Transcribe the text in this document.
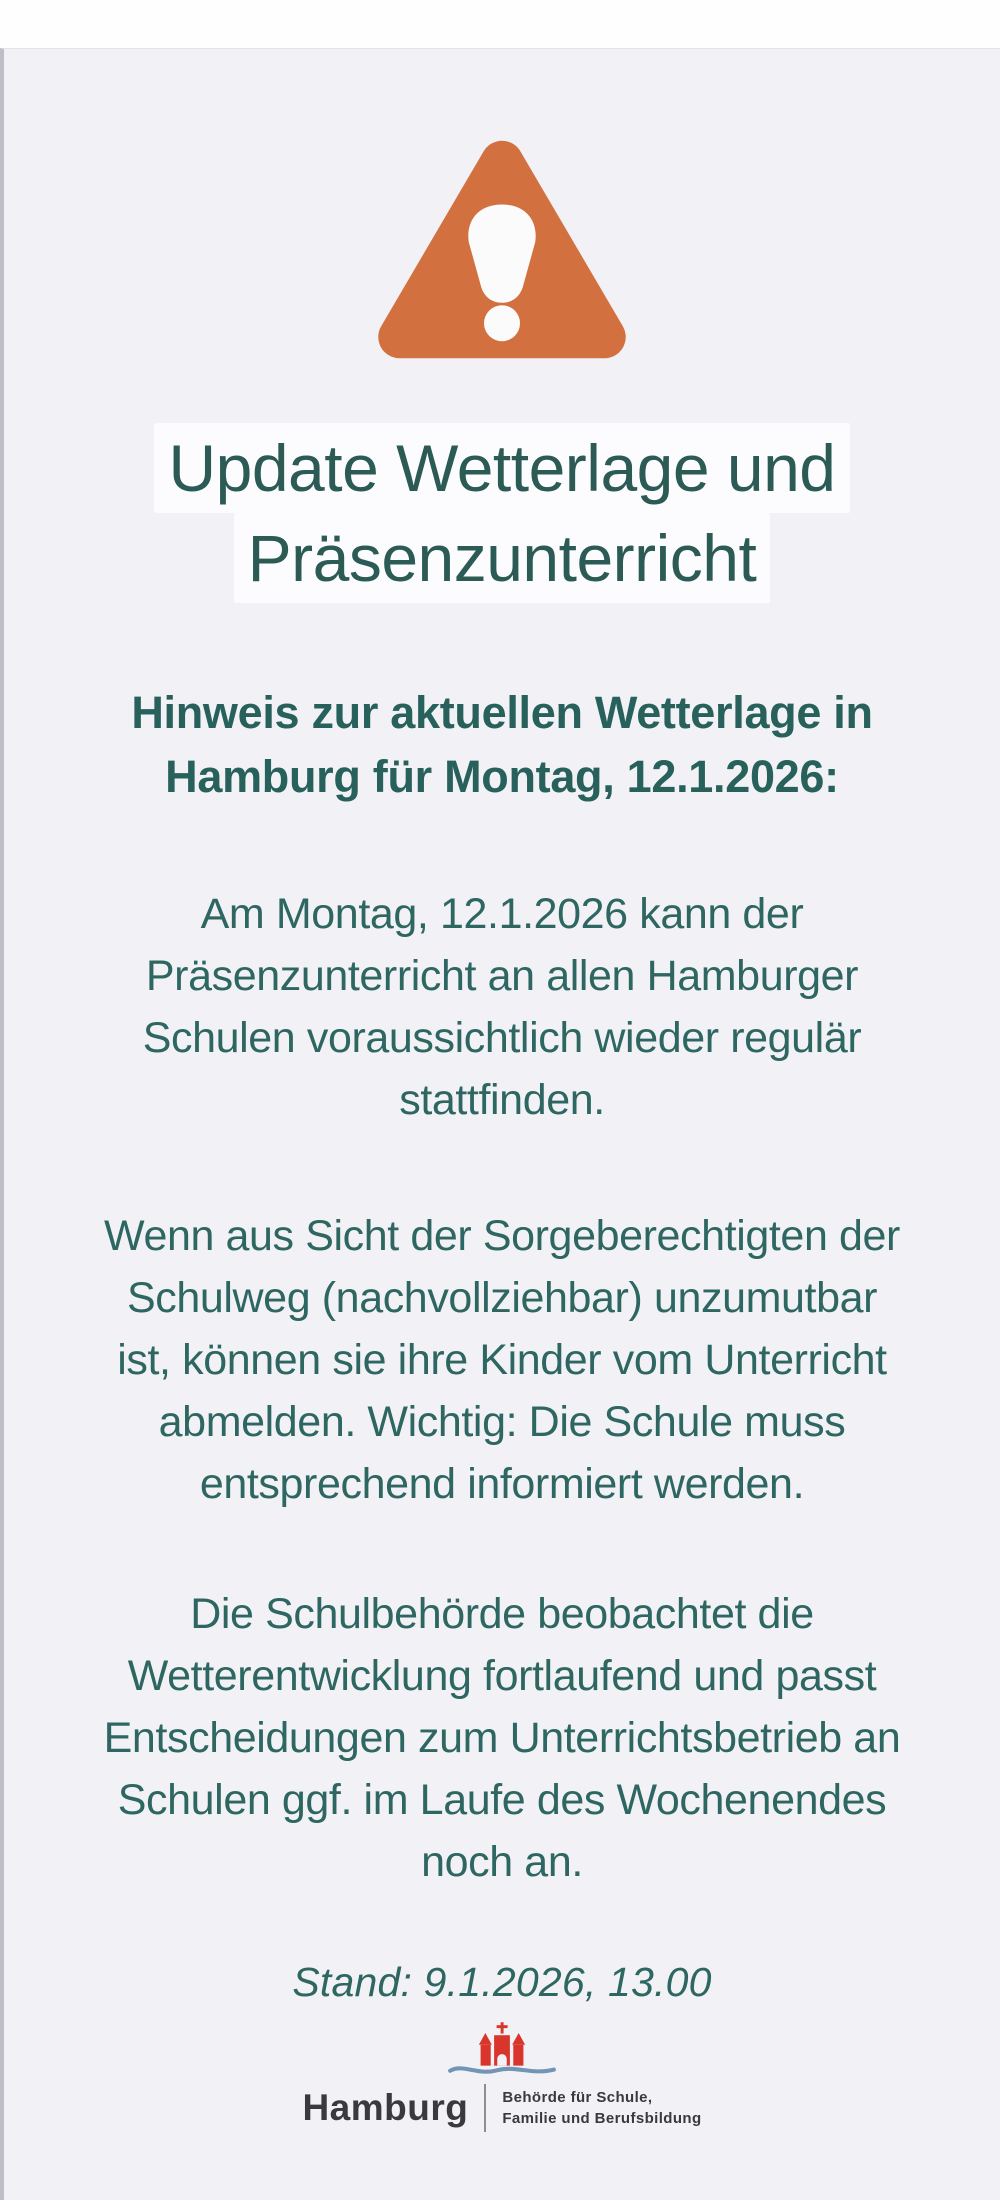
Update Wetterlage und
Präsenzunterricht
Hinweis zur aktuellen Wetterlage in Hamburg für Montag, 12.1.2026:

Am Montag, 12.1.2026 kann der Präsenzunterricht an allen Hamburger Schulen voraussichtlich wieder regulär stattfinden.

Wenn aus Sicht der Sorgeberechtigten der Schulweg (nachvollziehbar) unzumutbar ist, können sie ihre Kinder vom Unterricht abmelden. Wichtig: Die Schule muss entsprechend informiert werden.

Die Schulbehörde beobachtet die Wetterentwicklung fortlaufend und passt Entscheidungen zum Unterrichtsbetrieb an Schulen ggf. im Laufe des Wochenendes noch an.

Stand: 9.1.2026, 13.00
Hamburg Behörde für Schule,
Familie und Berufsbildung
